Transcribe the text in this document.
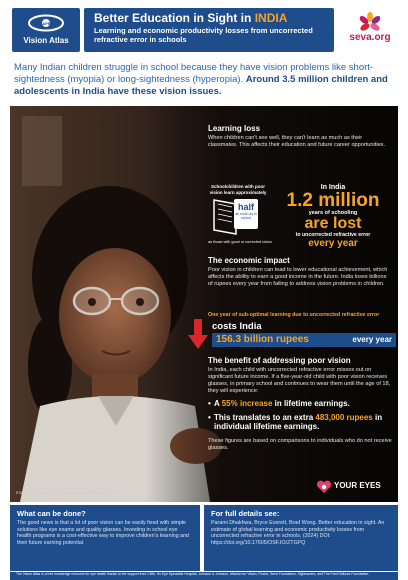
IAPB
Vision Atlas
Better Education in Sight in INDIA
Learning and economic productivity losses from uncorrected refractive error in schools	seva.org
Many Indian children struggle in school because they have vision problems like short-sightedness (myopia) or long-sightedness (hyperopia). Around 3.5 million children and adolescents in India have these vision issues.
Image by Bharath Balasubramaniam courtesy of IAPB
Learning loss
When children can't see well, they can't learn as much as their classmates. This affects their education and future career opportunities.
Schoolchildren with poor vision learn approximately
half
as much as in school
as those with good or corrected vision
In India
1.2 million
years of schooling
are lost
to uncorrected refractive error
every year
The economic impact
Poor vision in children can lead to lower educational achievement, which affects the ability to earn a good income in the future. India loses billions of rupees every year from failing to address vision problems in children.
One year of sub-optimal learning due to uncorrected refractive error
costs India
156.3 billion rupees	every year
The benefit of addressing poor vision
In India, each child with uncorrected refractive error misses out on significant future income. If a five-year-old child with poor vision receives glasses, in primary school and continues to wear them until the age of 18, they will experience:
• A 55% increase in lifetime earnings.
• This translates to an extra 483,000 rupees in individual lifetime earnings.
These figures are based on comparisons to individuals who do not receive glasses.
YOUR EYES
What can be done?
The good news is that a lot of poor vision can be easily fixed with simple solutions like eye exams and quality glasses. Investing in school eye health programs is a cost-effective way to improve children's learning and their future earning potential.
For full details see:
Parami Dhakhwa, Bryce Everett, Brad Wong. Better education in sight. An estimate of global learning and economic productivity losses from uncorrected refractive error in schools. (2024) DOI: https://doi.org/10.17605/OSF.IO/ZTGPQ
The Vision Atlas is a free knowledge resource for eye health thanks to the support from CBM, Ho Eye Specialist Hospital, Johnson & Johnson, Mission for Vision, Roche, Seva Foundation, Sightsavers, and The Fred Hollows Foundation.
